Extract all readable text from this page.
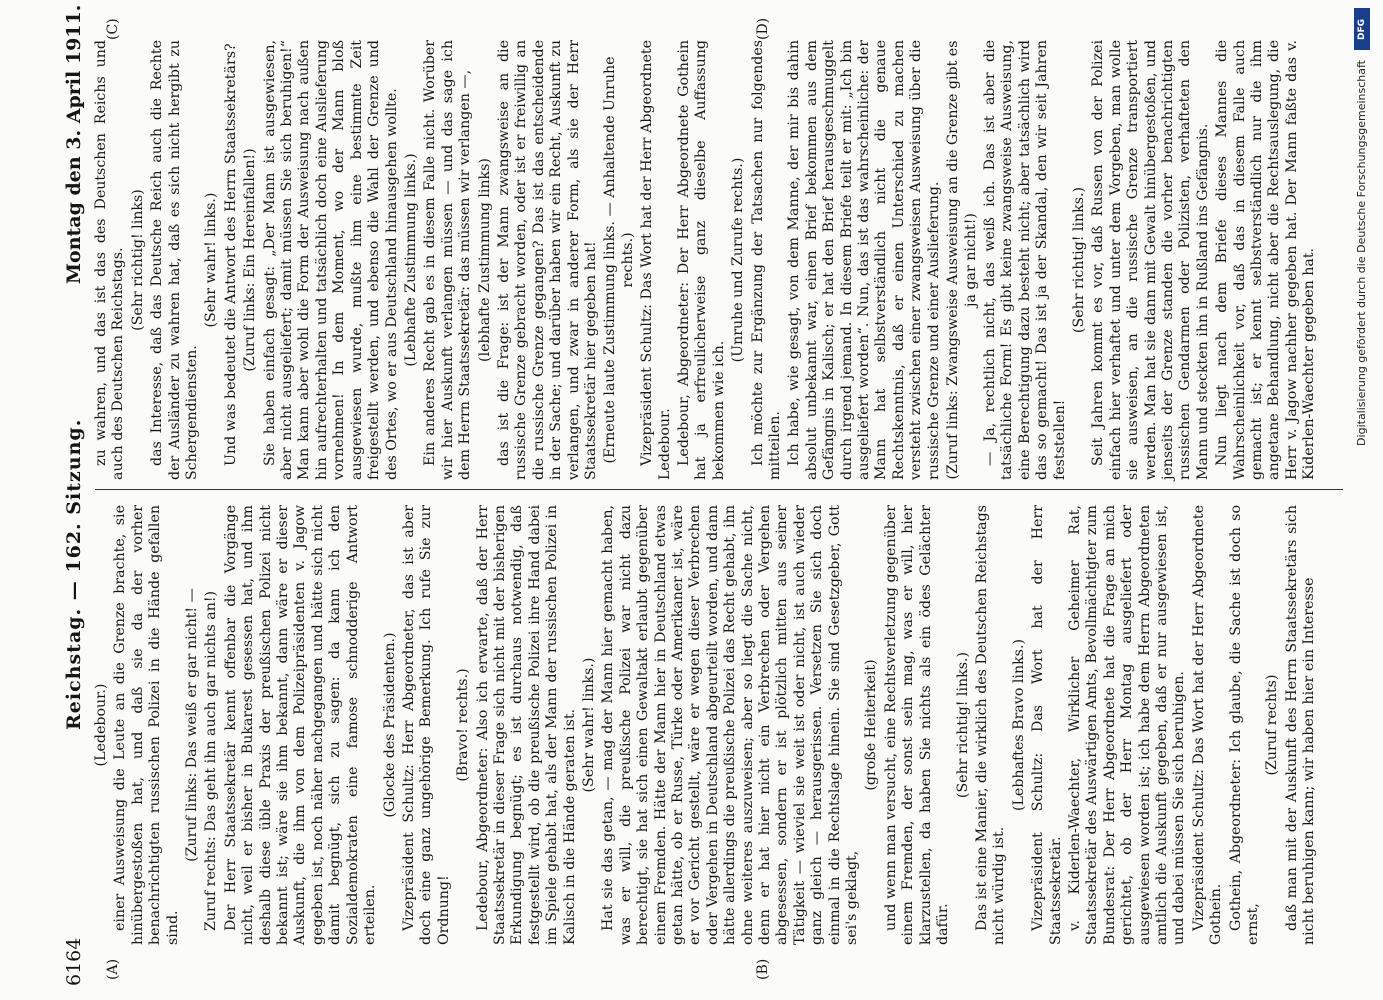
6164
Reichstag. — 162. Sitzung.
Montag den 3. April 1911.
(A)	(B)
(C)	(D)

(Ledebour.) einer Ausweisung die Leute an die Grenze brachte, sie hinübergestoßen hat, und daß sie da der vorher benachrichtigten russischen Polizei in die Hände gefallen sind.

(Zuruf links: Das weiß er gar nicht! — Zuruf rechts: Das geht ihn auch gar nichts an!) Der Herr Staatssekretär kennt offenbar die Vorgänge nicht, weil er bisher in Bukarest gesessen hat, und ihm deshalb diese üble Praxis der preußischen Polizei nicht bekannt ist; wäre sie ihm bekannt, dann wäre er dieser Auskunft, die ihm von dem Polizeipräsidenten v. Jagow gegeben ist, noch näher nachgegangen und hätte sich nicht damit begnügt, sich zu sagen: da kann ich den Sozialdemokraten eine famose schnodderige Antwort erteilen.

(Glocke des Präsidenten.) Vizepräsident Schultz: Herr Abgeordneter, das ist aber doch eine ganz ungehörige Bemerkung. Ich rufe Sie zur Ordnung!

(Bravo! rechts.) Ledebour, Abgeordneter: Also ich erwarte, daß der Herr Staatssekretär in dieser Frage sich nicht mit der bisherigen Erkundigung begnügt; es ist durchaus notwendig, daß festgestellt wird, ob die preußische Polizei ihre Hand dabei im Spiele gehabt hat, als der Mann der russischen Polizei in Kalisch in die Hände geraten ist. (Sehr wahr! links.) Hat sie das getan, — mag der Mann hier gemacht haben, was er will, die preußische Polizei war nicht dazu berechtigt, sie hat sich einen Gewaltakt erlaubt gegenüber einem Fremden. Hätte der Mann hier in Deutschland etwas getan hätte, ob er Russe, Türke oder Amerikaner ist, wäre er vor Gericht gestellt, wäre er wegen dieser Verbrechen oder Vergehen in Deutschland abgeurteilt worden, und dann hätte allerdings die preußische Polizei das Recht gehabt, ihn ohne weiteres auszuweisen; aber so liegt die Sache nicht, denn er hat hier nicht ein Verbrechen oder Vergehen abgesessen, sondern er ist plötzlich mitten aus seiner Tätigkeit — wieviel sie weit ist oder nicht, ist auch wieder ganz gleich — herausgerissen. Versetzen Sie sich doch einmal in die Rechtslage hinein. Sie sind Gesetzgeber, Gott sei's geklagt,

(große Heiterkeit) und wenn man versucht, eine Rechtsverletzung gegenüber einem Fremden, der sonst sein mag, was er will, hier klarzustellen, da haben Sie nichts als ein ödes Gelächter dafür.

(Sehr richtig! links.) Das ist eine Manier, die wirklich des Deutschen Reichstags nicht würdig ist.

(Lebhaftes Bravo links.) Vizepräsident Schultz: Das Wort hat der Herr Staatssekretär. v. Kiderlen-Waechter, Wirklicher Geheimer Rat, Staatssekretär des Auswärtigen Amts, Bevollmächtigter zum Bundesrat: Der Herr Abgeordnete hat die Frage an mich gerichtet, ob der Herr Montag ausgeliefert oder ausgewiesen worden ist; ich habe dem Herrn Abgeordneten amtlich die Auskunft gegeben, daß er nur ausgewiesen ist, und dabei müssen Sie sich beruhigen. Vizepräsident Schultz: Das Wort hat der Herr Abgeordnete Gothein. Gothein, Abgeordneter: Ich glaube, die Sache ist doch so ernst,

(Zuruf rechts) daß man mit der Auskunft des Herrn Staatssekretärs sich nicht beruhigen kann; wir haben hier ein Interesse

zu wahren, und das ist das des Deutschen Reichs und auch des Deutschen Reichstags. (Sehr richtig! links) das Interesse, daß das Deutsche Reich auch die Rechte der Ausländer zu wahren hat, daß es sich nicht hergibt zu Schergendiensten.

(Sehr wahr! links.) Und was bedeutet die Antwort des Herrn Staatssekretärs? (Zuruf links: Ein Hereinfallen!) Sie haben einfach gesagt: „Der Mann ist ausgewiesen, aber nicht ausgeliefert; damit müssen Sie sich beruhigen!“ Man kann aber wohl die Form der Ausweisung nach außen hin aufrechterhalten und tatsächlich doch eine Auslieferung vornehmen! In dem Moment, wo der Mann bloß ausgewiesen wurde, mußte ihm eine bestimmte Zeit freigestellt werden, und ebenso die Wahl der Grenze und des Ortes, wo er aus Deutschland hinausgehen wollte. (Lebhafte Zustimmung links.) Ein anderes Recht gab es in diesem Falle nicht. Worüber wir hier Auskunft verlangen müssen — und das sage ich dem Herrn Staatssekretär: das müssen wir verlangen —, (lebhafte Zustimmung links) das ist die Frage: ist der Mann zwangsweise an die russische Grenze gebracht worden, oder ist er freiwillig an die russische Grenze gegangen? Das ist das entscheidende in der Sache; und darüber haben wir ein Recht, Auskunft zu verlangen, und zwar in anderer Form, als sie der Herr Staatssekretär hier gegeben hat! (Erneute laute Zustimmung links. — Anhaltende Unruhe rechts.) Vizepräsident Schultz: Das Wort hat der Herr Abgeordnete Ledebour. Ledebour, Abgeordneter: Der Herr Abgeordnete Gothein hat ja erfreulicherweise ganz dieselbe Auffassung bekommen wie ich.

(Unruhe und Zurufe rechts.) Ich möchte zur Ergänzung der Tatsachen nur folgendes mitteilen. Ich habe, wie gesagt, von dem Manne, der mir bis dahin absolut unbekannt war, einen Brief bekommen aus dem Gefängnis in Kalisch; er hat den Brief herausgeschmuggelt durch irgend jemand. In diesem Briefe teilt er mit: „Ich bin ausgeliefert worden“. Nun, das ist das wahrscheinliche: der Mann hat selbstverständlich nicht die genaue Rechtskenntnis, daß er einen Unterschied zu machen versteht zwischen einer zwangsweisen Ausweisung über die russische Grenze und einer Auslieferung. (Zuruf links: Zwangsweise Ausweisung an die Grenze gibt es ja gar nicht!) — Ja, rechtlich nicht, das weiß ich. Das ist aber die tatsächliche Form! Es gibt keine zwangsweise Ausweisung, eine Berechtigung dazu besteht nicht; aber tatsächlich wird das so gemacht! Das ist ja der Skandal, den wir seit Jahren feststellen!

(Sehr richtig! links.) Seit Jahren kommt es vor, daß Russen von der Polizei einfach hier verhaftet und unter dem Vorgeben, man wolle sie ausweisen, an die russische Grenze transportiert werden. Man hat sie dann mit Gewalt hinübergestoßen, und jenseits der Grenze standen die vorher benachrichtigten russischen Gendarmen oder Polizisten, verhafteten den Mann und steckten ihn in Rußland ins Gefängnis. Nun liegt nach dem Briefe dieses Mannes die Wahrscheinlichkeit vor, daß das in diesem Falle auch gemacht ist; er kennt selbstverständlich nur die ihm angetane Behandlung, nicht aber die Rechtsauslegung, die Herr v. Jagow nachher gegeben hat. Der Mann faßte das v. Kiderlen-Waechter gegeben hat.

DFG
Digitalisierung gefördert durch die Deutsche Forschungsgemeinschaft
